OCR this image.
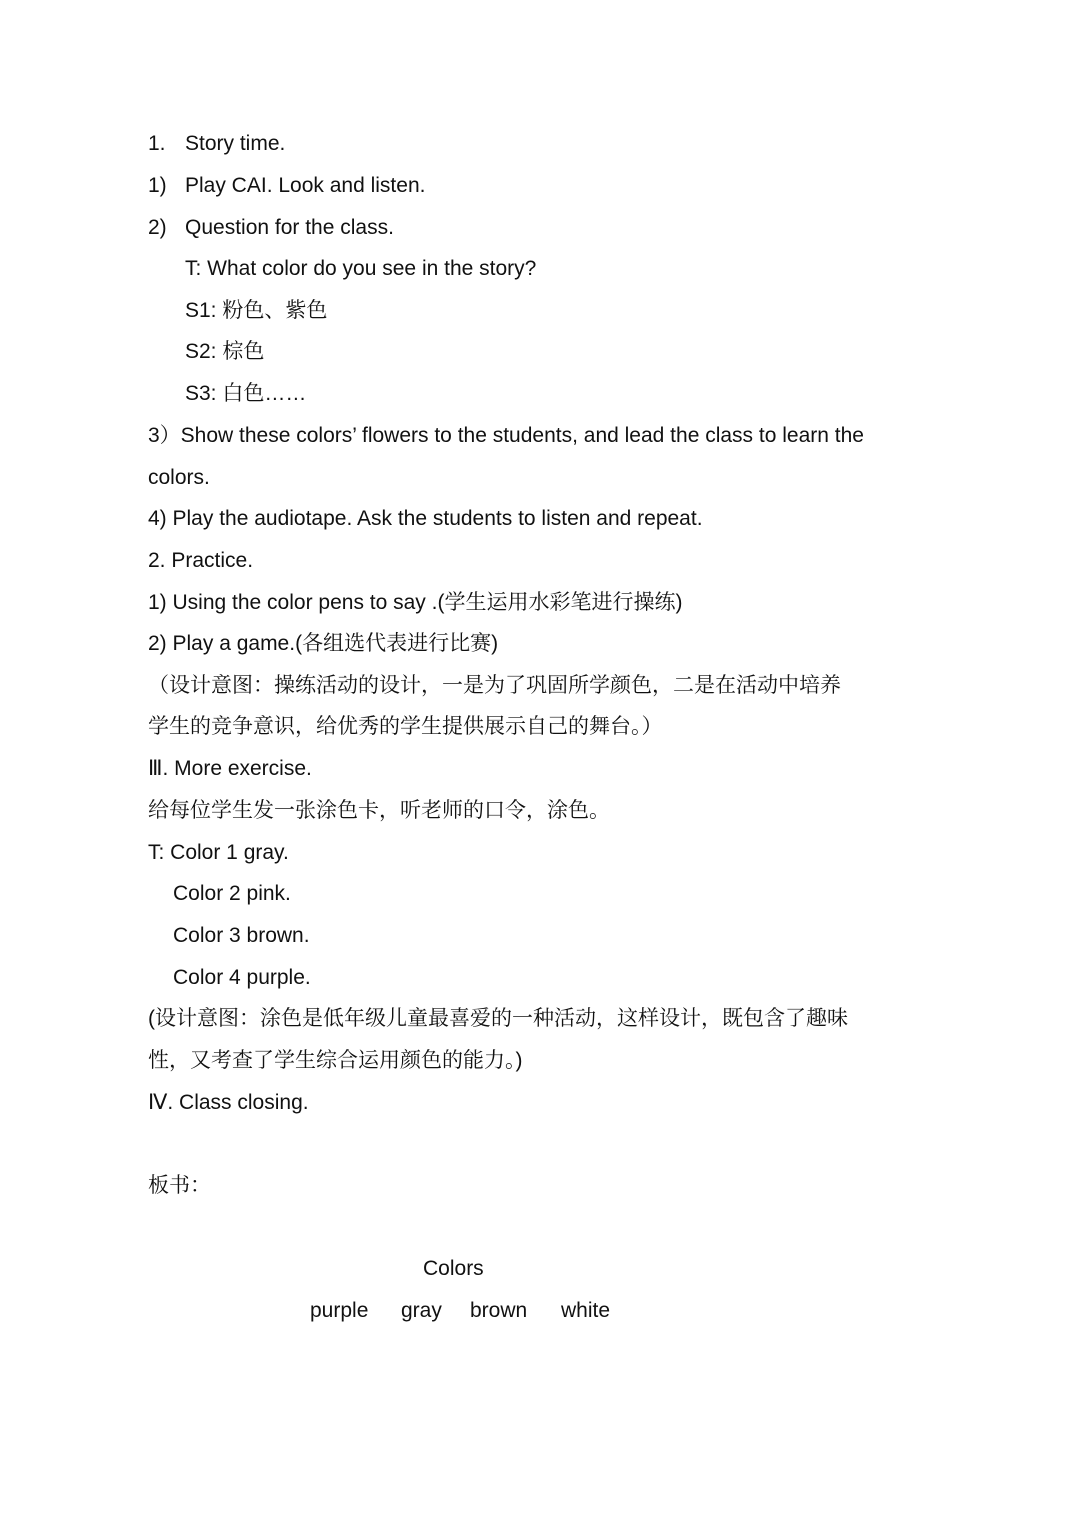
1. Story time.
1) Play CAI. Look and listen.
2) Question for the class.
T: What color do you see in the story?
S1: 粉色、紫色
S2: 棕色
S3: 白色……
3）Show these colors’ flowers to the students, and lead the class to learn the
colors.
4) Play the audiotape. Ask the students to listen and repeat.
2. Practice.
1) Using the color pens to say .(学生运用水彩笔进行操练)
2) Play a game.(各组选代表进行比赛)
（设计意图：操练活动的设计，一是为了巩固所学颜色，二是在活动中培养
学生的竞争意识，给优秀的学生提供展示自己的舞台。）
Ⅲ. More exercise.
给每位学生发一张涂色卡，听老师的口令，涂色。
T: Color 1 gray.
Color 2 pink.
Color 3 brown.
Color 4 purple.
(设计意图：涂色是低年级儿童最喜爱的一种活动，这样设计，既包含了趣味
性，又考查了学生综合运用颜色的能力。)
Ⅳ. Class closing.
板书：
Colors
purple gray brown white
